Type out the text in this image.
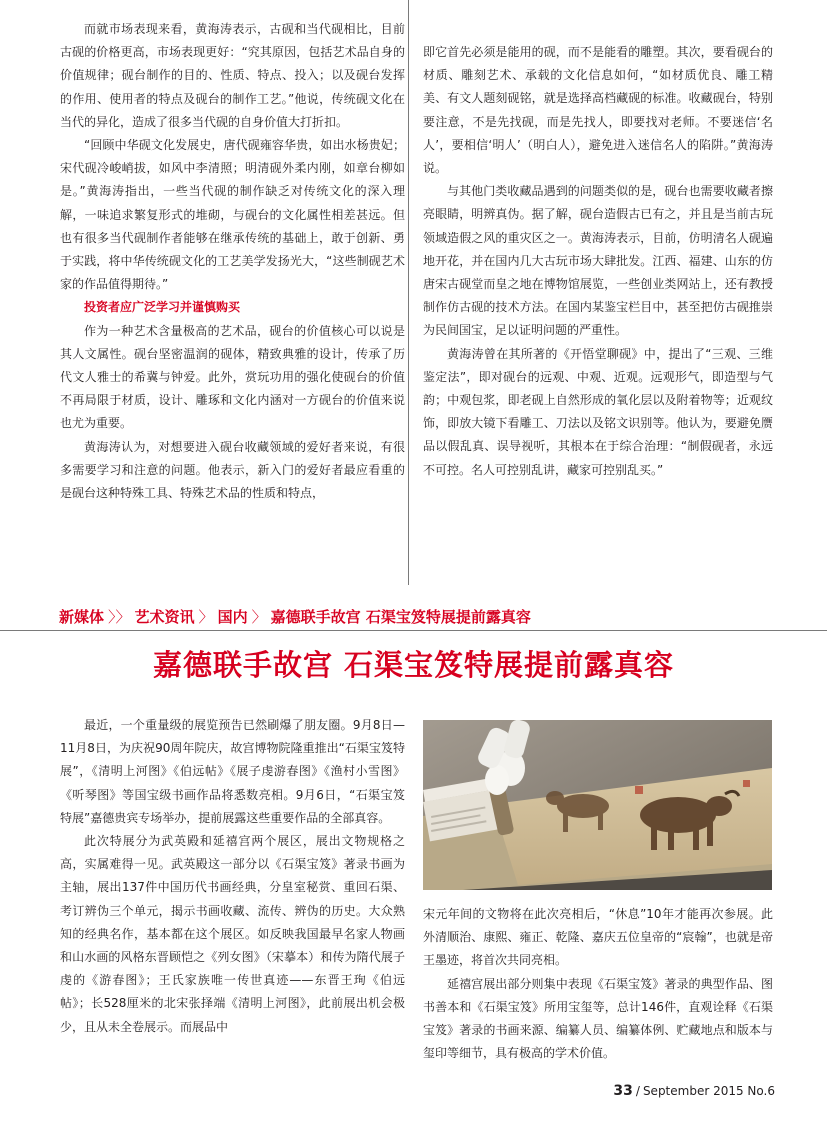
而就市场表现来看，黄海涛表示，古砚和当代砚相比，目前古砚的价格更高，市场表现更好：“究其原因，包括艺术品自身的价值规律；砚台制作的目的、性质、特点、投入；以及砚台发挥的作用、使用者的特点及砚台的制作工艺。”他说，传统砚文化在当代的异化，造成了很多当代砚的自身价值大打折扣。

“回顾中华砚文化发展史，唐代砚雍容华贵，如出水杨贵妃；宋代砚冷峻峭拔，如风中李清照；明清砚外柔内刚，如章台柳如是。”黄海涛指出，一些当代砚的制作缺乏对传统文化的深入理解，一味追求繁复形式的堆砌，与砚台的文化属性相差甚远。但也有很多当代砚制作者能够在继承传统的基础上，敢于创新、勇于实践，将中华传统砚文化的工艺美学发扬光大，“这些制砚艺术家的作品值得期待。”

投资者应广泛学习并谨慎购买

作为一种艺术含量极高的艺术品，砚台的价值核心可以说是其人文属性。砚台坚密温润的砚体，精致典雅的设计，传承了历代文人雅士的希冀与钟爱。此外，赏玩功用的强化使砚台的价值不再局限于材质，设计、雕琢和文化内涵对一方砚台的价值来说也尤为重要。

黄海涛认为，对想要进入砚台收藏领域的爱好者来说，有很多需要学习和注意的问题。他表示，新入门的爱好者最应看重的是砚台这种特殊工具、特殊艺术品的性质和特点，

即它首先必须是能用的砚，而不是能看的雕塑。其次，要看砚台的材质、雕刻艺术、承载的文化信息如何，“如材质优良、雕工精美、有文人题刻砚铭，就是选择高档藏砚的标准。收藏砚台，特别要注意，不是先找砚，而是先找人，即要找对老师。不要迷信‘名人’，要相信‘明人’（明白人），避免进入迷信名人的陷阱。”黄海涛说。

与其他门类收藏品遇到的问题类似的是，砚台也需要收藏者擦亮眼睛，明辨真伪。据了解，砚台造假古已有之，并且是当前古玩领域造假之风的重灾区之一。黄海涛表示，目前，仿明清名人砚遍地开花，并在国内几大古玩市场大肆批发。江西、福建、山东的仿唐宋古砚堂而皇之地在博物馆展览，一些创业类网站上，还有教授制作仿古砚的技术方法。在国内某鉴宝栏目中，甚至把仿古砚推崇为民间国宝，足以证明问题的严重性。

黄海涛曾在其所著的《开悟堂聊砚》中，提出了“三观、三维鉴定法”，即对砚台的远观、中观、近观。远观形气，即造型与气韵；中观包浆，即老砚上自然形成的氧化层以及附着物等；近观纹饰，即放大镜下看雕工、刀法以及铭文识别等。他认为，要避免赝品以假乱真、误导视听，其根本在于综合治理：“制假砚者，永远不可控。名人可控别乱讲，藏家可控别乱买。”

新媒体 〉〉 艺术资讯 〉 国内 〉 嘉德联手故宫 石渠宝笈特展提前露真容
嘉德联手故宫 石渠宝笈特展提前露真容

最近，一个重量级的展览预告已然刷爆了朋友圈。9月8日—11月8日，为庆祝90周年院庆，故宫博物院隆重推出“石渠宝笈特展”，《清明上河图》《伯远帖》《展子虔游春图》《渔村小雪图》《听琴图》等国宝级书画作品将悉数亮相。9月6日，“石渠宝笈特展”嘉德贵宾专场举办，提前展露这些重要作品的全部真容。

此次特展分为武英殿和延禧宫两个展区，展出文物规格之高，实属难得一见。武英殿这一部分以《石渠宝笈》著录书画为主轴，展出137件中国历代书画经典，分皇室秘赏、重回石渠、考订辨伪三个单元，揭示书画收藏、流传、辨伪的历史。大众熟知的经典名作，基本都在这个展区。如反映我国最早名家人物画和山水画的风格东晋顾恺之《列女图》（宋摹本）和传为隋代展子虔的《游春图》；王氏家族唯一传世真迹——东晋王珣《伯远帖》；长528厘米的北宋张择端《清明上河图》，此前展出机会极少，且从未全卷展示。而展品中

宋元年间的文物将在此次亮相后，“休息”10年才能再次参展。此外清顺治、康熙、雍正、乾隆、嘉庆五位皇帝的“宸翰”，也就是帝王墨迹，将首次共同亮相。

延禧宫展出部分则集中表现《石渠宝笈》著录的典型作品、图书善本和《石渠宝笈》所用宝玺等，总计146件，直观诠释《石渠宝笈》著录的书画来源、编纂人员、编纂体例、贮藏地点和版本与玺印等细节，具有极高的学术价值。

33 / September 2015 No.6
